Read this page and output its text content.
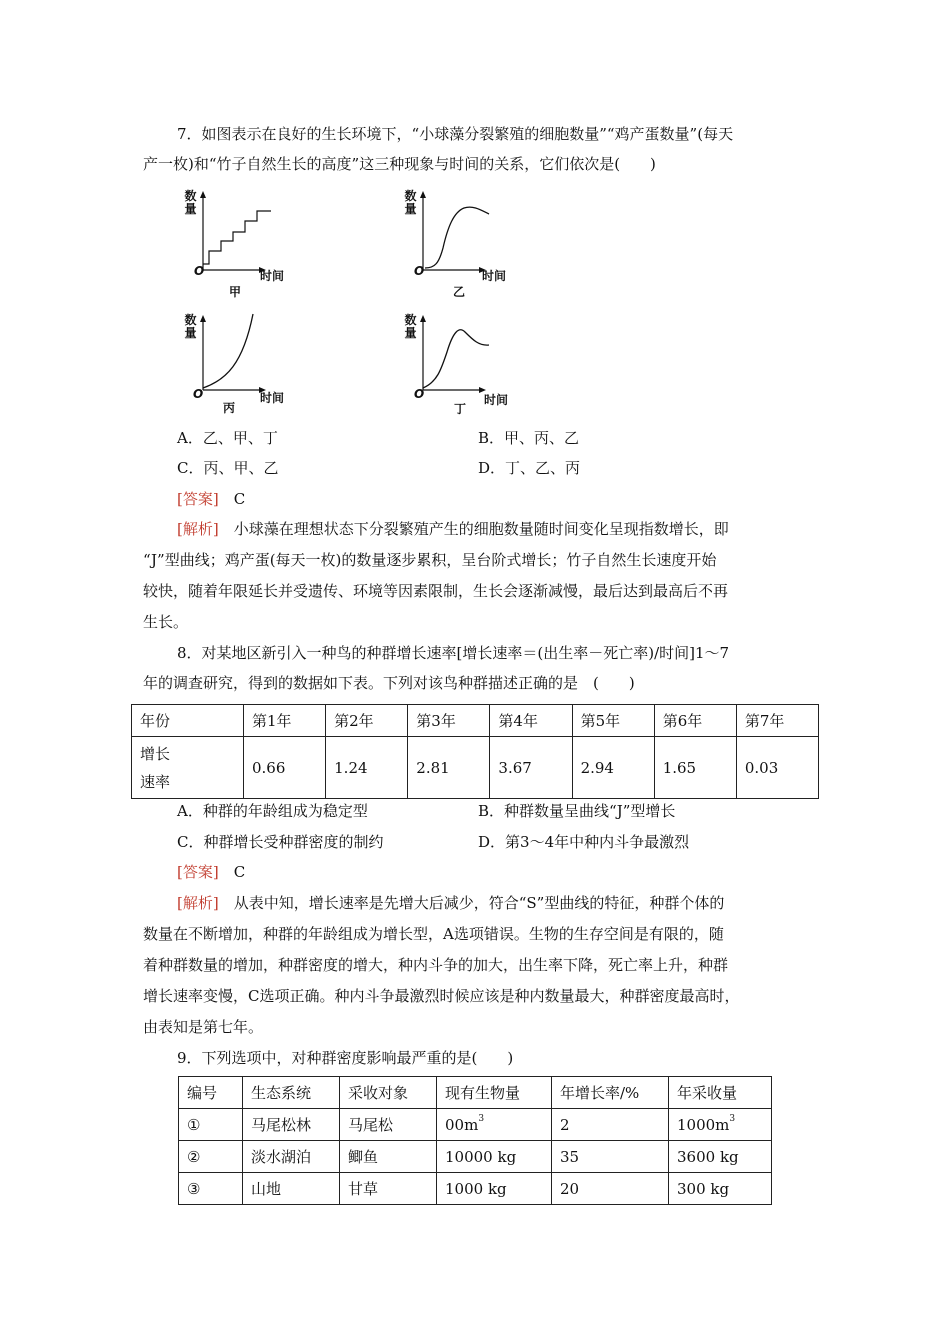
7．如图表示在良好的生长环境下，“小球藻分裂繁殖的细胞数量”“鸡产蛋数量”(每天
产一枚)和“竹子自然生长的高度”这三种现象与时间的关系，它们依次是(　　)
数量
O	时间
甲
数量
O	时间
乙
数量
O	时间
丙
数量
O	时间
丁
A．乙、甲、丁	B．甲、丙、乙
C．丙、甲、乙	D．丁、乙、丙
[答案]　 C
[解析]　 小球藻在理想状态下分裂繁殖产生的细胞数量随时间变化呈现指数增长，即
“J”型曲线；鸡产蛋(每天一枚)的数量逐步累积，呈台阶式增长；竹子自然生长速度开始
较快，随着年限延长并受遗传、环境等因素限制，生长会逐渐减慢，最后达到最高后不再
生长。
8．对某地区新引入一种鸟的种群增长速率[增长速率＝(出生率－死亡率)/时间]1～7
年的调查研究，得到的数据如下表。下列对该鸟种群描述正确的是　(　　)
年份	第1年	第2年	第3年	第4年	第5年	第6年	第7年
增长
速率	0.66	1.24	2.81	3.67	2.94	1.65	0.03
A．种群的年龄组成为稳定型	B．种群数量呈曲线“J”型增长
C．种群增长受种群密度的制约	D．第3～4年中种内斗争最激烈
[答案]　 C
[解析]　 从表中知，增长速率是先增大后减少，符合“S”型曲线的特征，种群个体的
数量在不断增加，种群的年龄组成为增长型，A选项错误。生物的生存空间是有限的，随
着种群数量的增加，种群密度的增大，种内斗争的加大，出生率下降，死亡率上升，种群
增长速率变慢，C选项正确。种内斗争最激烈时候应该是种内数量最大，种群密度最高时，
由表知是第七年。
9．下列选项中，对种群密度影响最严重的是(　　)
编号	生态系统	采收对象	现有生物量	年增长率/%	年采收量
①	马尾松林	马尾松	$00m^3$	2	$1000m^3$
②	淡水湖泊	鲫鱼	10000 kg	35	3600 kg
③	山地	甘草	1000 kg	20	300 kg
